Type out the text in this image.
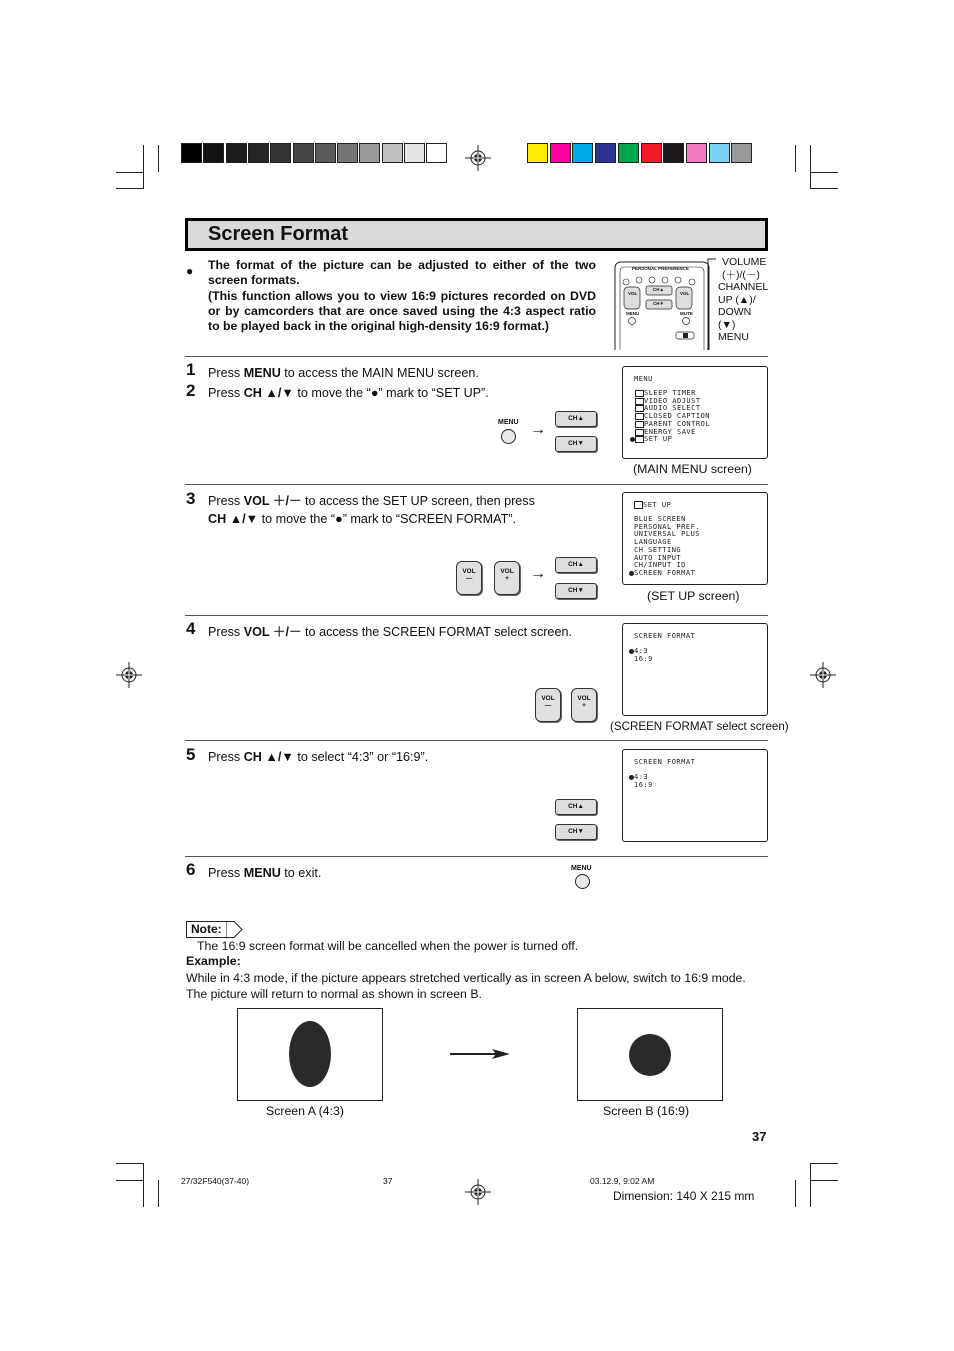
Screen Format
● The format of the picture can be adjusted to either of the two screen formats.
(This function allows you to view 16:9 pictures recorded on DVD or by camcorders that are once saved using the 4:3 aspect ratio to be played back in the original high-density 16:9 format.)
PERSONAL PREFERENCE
VOL	VOL
CH▲
CH▼
MENU	MUTE
VOLUME
(＋)/(－)
CHANNEL
UP (▲)/
DOWN (▼)
MENU
1 Press MENU to access the MAIN MENU screen.
2 Press CH ▲/▼ to move the “●” mark to “SET UP”.
MENU →
CH▲
CH▼
MENU
SLEEP TIMER
VIDEO ADJUST
AUDIO SELECT
CLOSED CAPTION
PARENT CONTROL
ENERGY SAVE
SET UP
(MAIN MENU screen)
3 Press VOL ＋/－ to access the SET UP screen, then press
CH ▲/▼ to move the “●” mark to “SCREEN FORMAT”.
VOL
—
VOL
+	→
CH▲
CH▼
SET UP
BLUE SCREEN
PERSONAL PREF.
UNIVERSAL PLUS
LANGUAGE
CH SETTING
AUTO INPUT
CH/INPUT ID
SCREEN FORMAT
(SET UP screen)
4 Press VOL ＋/－ to access the SCREEN FORMAT select screen.
VOL
—
VOL
+
SCREEN FORMAT
4:3
16:9
(SCREEN FORMAT select screen)
5 Press CH ▲/▼ to select “4:3” or “16:9”.
CH▲
CH▼
SCREEN FORMAT
4:3
16:9
6 Press MENU to exit.	MENU
Note:
The 16:9 screen format will be cancelled when the power is turned off.
Example:
While in 4:3 mode, if the picture appears stretched vertically as in screen A below, switch to 16:9 mode. The picture will return to normal as shown in screen B.
Screen A (4:3)	Screen B (16:9)
37
27/32F540(37-40)	37	03.12.9, 9:02 AM
Dimension: 140 X 215 mm
